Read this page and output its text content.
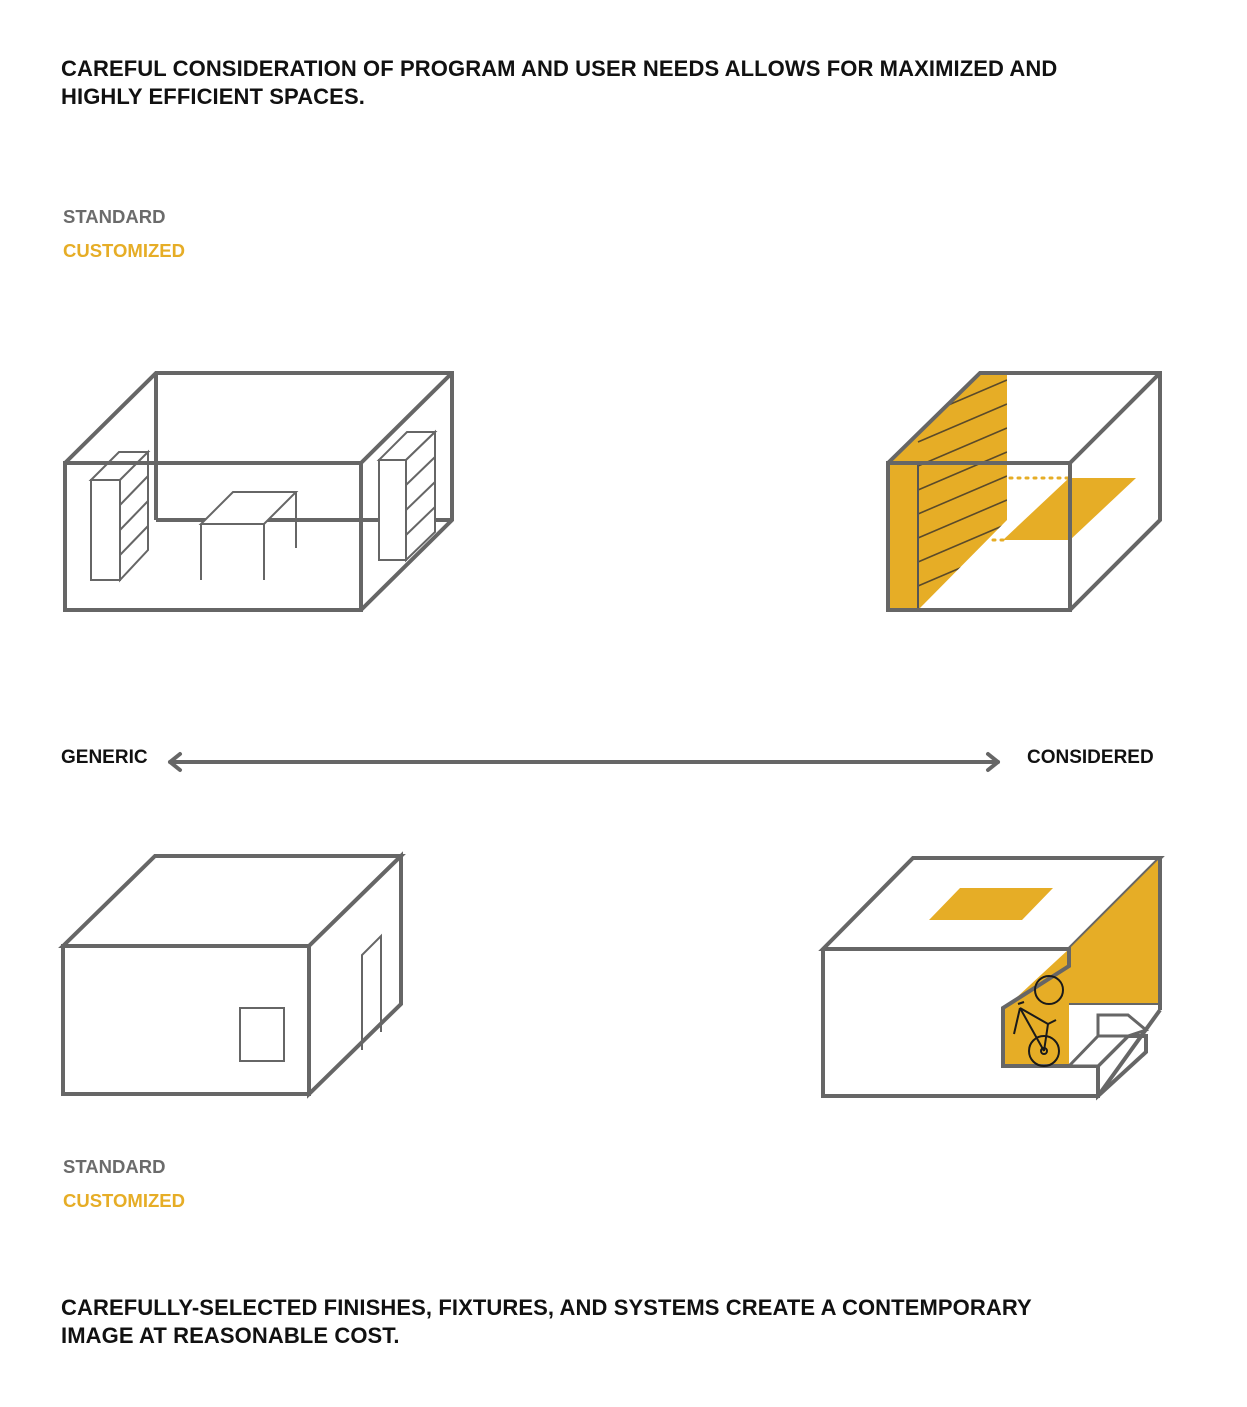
CAREFUL CONSIDERATION OF PROGRAM AND USER NEEDS ALLOWS FOR MAXIMIZED AND
HIGHLY EFFICIENT SPACES.
STANDARD
CUSTOMIZED
GENERIC	CONSIDERED
STANDARD
CUSTOMIZED
CAREFULLY-SELECTED FINISHES, FIXTURES, AND SYSTEMS CREATE A CONTEMPORARY
IMAGE AT REASONABLE COST.
